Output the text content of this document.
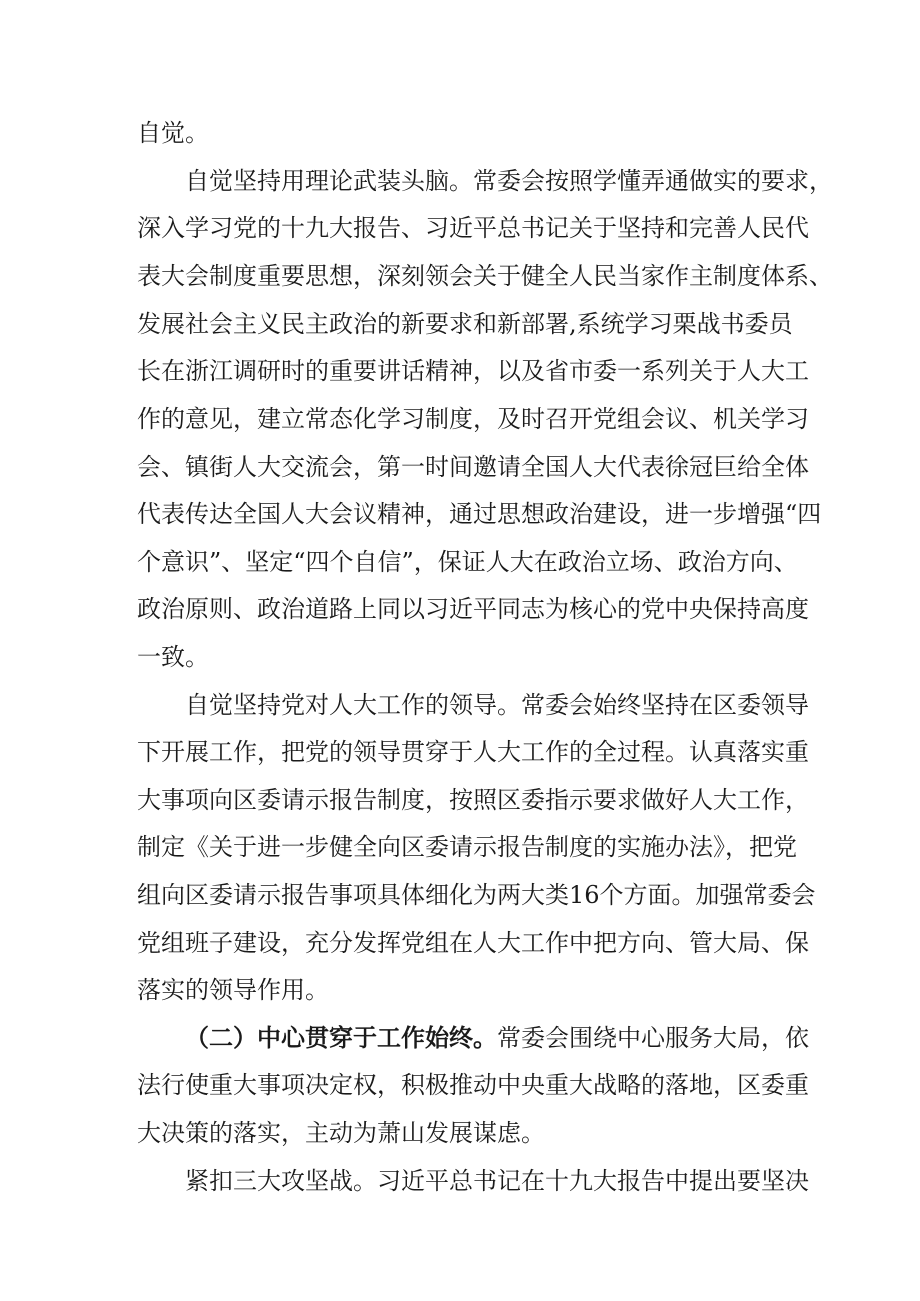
自觉。

自觉坚持用理论武装头脑。常委会按照学懂弄通做实的要求，

深入学习党的十九大报告、习近平总书记关于坚持和完善人民代

表大会制度重要思想，深刻领会关于健全人民当家作主制度体系、

发展社会主义民主政治的新要求和新部署,系统学习栗战书委员

长在浙江调研时的重要讲话精神，以及省市委一系列关于人大工

作的意见，建立常态化学习制度，及时召开党组会议、机关学习

会、镇街人大交流会，第一时间邀请全国人大代表徐冠巨给全体

代表传达全国人大会议精神，通过思想政治建设，进一步增强“四

个意识”、坚定“四个自信”，保证人大在政治立场、政治方向、

政治原则、政治道路上同以习近平同志为核心的党中央保持高度

一致。

自觉坚持党对人大工作的领导。常委会始终坚持在区委领导

下开展工作，把党的领导贯穿于人大工作的全过程。认真落实重

大事项向区委请示报告制度，按照区委指示要求做好人大工作，

制定《关于进一步健全向区委请示报告制度的实施办法》，把党

组向区委请示报告事项具体细化为两大类16个方面。加强常委会

党组班子建设，充分发挥党组在人大工作中把方向、管大局、保

落实的领导作用。

（二）中心贯穿于工作始终。常委会围绕中心服务大局，依

法行使重大事项决定权，积极推动中央重大战略的落地，区委重

大决策的落实，主动为萧山发展谋虑。

紧扣三大攻坚战。习近平总书记在十九大报告中提出要坚决
